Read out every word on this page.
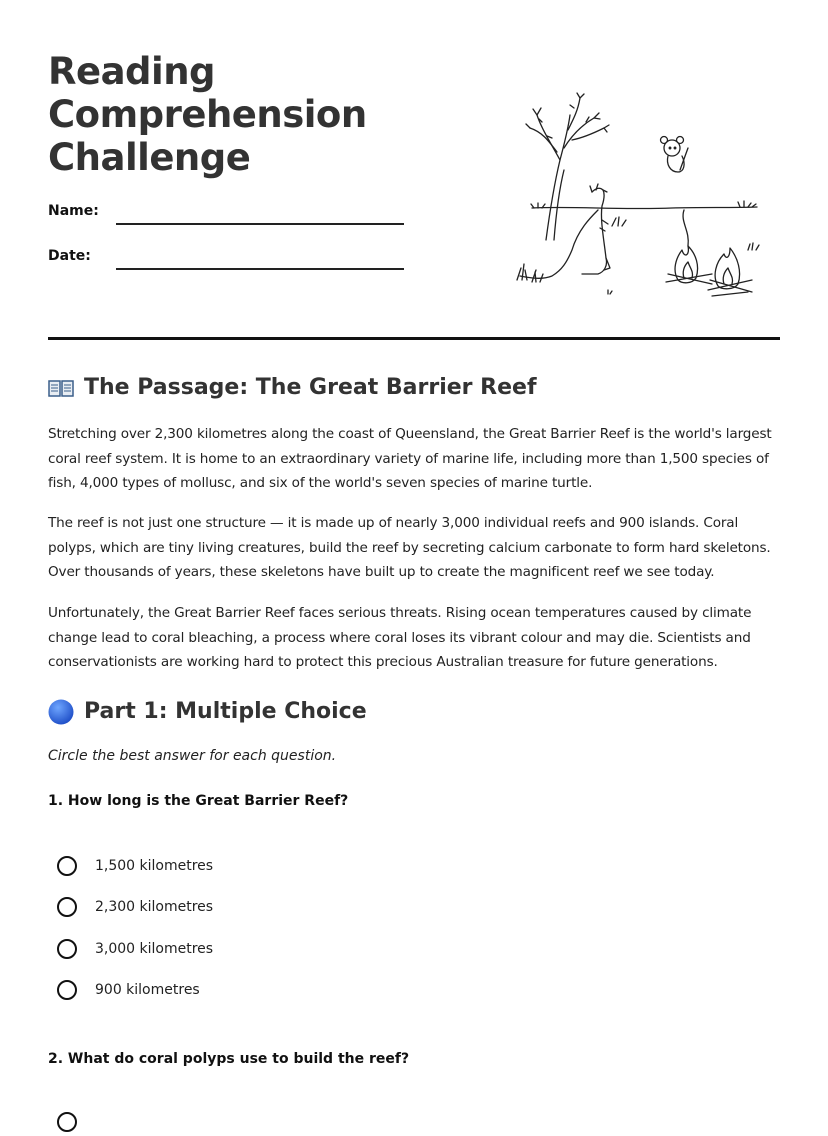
Reading Comprehension Challenge
Name:
Date:
The Passage: The Great Barrier Reef

Stretching over 2,300 kilometres along the coast of Queensland, the Great Barrier Reef is the world's largest coral reef system. It is home to an extraordinary variety of marine life, including more than 1,500 species of fish, 4,000 types of mollusc, and six of the world's seven species of marine turtle.

The reef is not just one structure — it is made up of nearly 3,000 individual reefs and 900 islands. Coral polyps, which are tiny living creatures, build the reef by secreting calcium carbonate to form hard skeletons. Over thousands of years, these skeletons have built up to create the magnificent reef we see today.

Unfortunately, the Great Barrier Reef faces serious threats. Rising ocean temperatures caused by climate change lead to coral bleaching, a process where coral loses its vibrant colour and may die. Scientists and conservationists are working hard to protect this precious Australian treasure for future generations.

Part 1: Multiple Choice

Circle the best answer for each question.

1. How long is the Great Barrier Reef?

1,500 kilometres
2,300 kilometres
3,000 kilometres
900 kilometres

2. What do coral polyps use to build the reef?
